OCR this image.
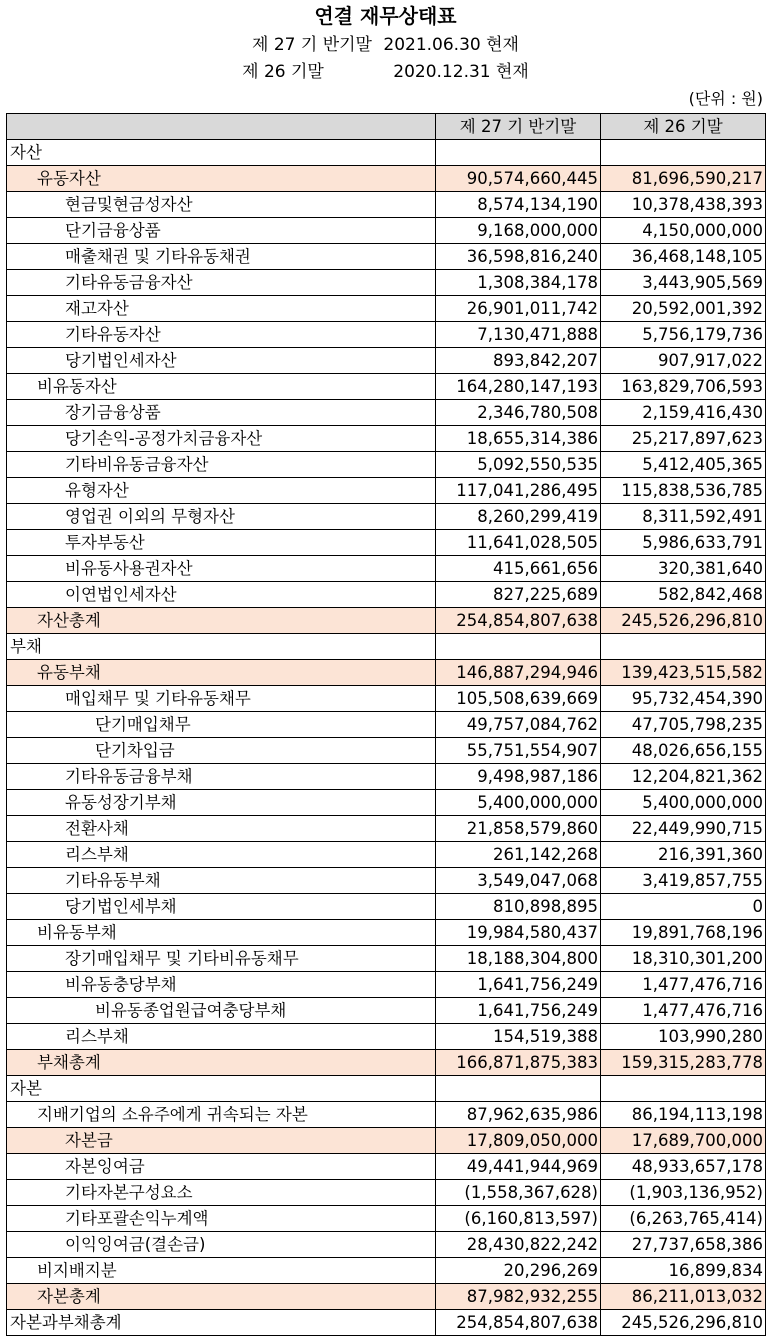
연결 재무상태표
제 27 기 반기말 2021.06.30 현재
제 26 기말	2020.12.31 현재
(단위 : 원)
	제 27 기 반기말	제 26 기말
자산		
유동자산	90,574,660,445	81,696,590,217
현금및현금성자산	8,574,134,190	10,378,438,393
단기금융상품	9,168,000,000	4,150,000,000
매출채권 및 기타유동채권	36,598,816,240	36,468,148,105
기타유동금융자산	1,308,384,178	3,443,905,569
재고자산	26,901,011,742	20,592,001,392
기타유동자산	7,130,471,888	5,756,179,736
당기법인세자산	893,842,207	907,917,022
비유동자산	164,280,147,193	163,829,706,593
장기금융상품	2,346,780,508	2,159,416,430
당기손익-공정가치금융자산	18,655,314,386	25,217,897,623
기타비유동금융자산	5,092,550,535	5,412,405,365
유형자산	117,041,286,495	115,838,536,785
영업권 이외의 무형자산	8,260,299,419	8,311,592,491
투자부동산	11,641,028,505	5,986,633,791
비유동사용권자산	415,661,656	320,381,640
이연법인세자산	827,225,689	582,842,468
자산총계	254,854,807,638	245,526,296,810
부채		
유동부채	146,887,294,946	139,423,515,582
매입채무 및 기타유동채무	105,508,639,669	95,732,454,390
단기매입채무	49,757,084,762	47,705,798,235
단기차입금	55,751,554,907	48,026,656,155
기타유동금융부채	9,498,987,186	12,204,821,362
유동성장기부채	5,400,000,000	5,400,000,000
전환사채	21,858,579,860	22,449,990,715
리스부채	261,142,268	216,391,360
기타유동부채	3,549,047,068	3,419,857,755
당기법인세부채	810,898,895	0
비유동부채	19,984,580,437	19,891,768,196
장기매입채무 및 기타비유동채무	18,188,304,800	18,310,301,200
비유동충당부채	1,641,756,249	1,477,476,716
비유동종업원급여충당부채	1,641,756,249	1,477,476,716
리스부채	154,519,388	103,990,280
부채총계	166,871,875,383	159,315,283,778
자본		
지배기업의 소유주에게 귀속되는 자본	87,962,635,986	86,194,113,198
자본금	17,809,050,000	17,689,700,000
자본잉여금	49,441,944,969	48,933,657,178
기타자본구성요소	(1,558,367,628)	(1,903,136,952)
기타포괄손익누계액	(6,160,813,597)	(6,263,765,414)
이익잉여금(결손금)	28,430,822,242	27,737,658,386
비지배지분	20,296,269	16,899,834
자본총계	87,982,932,255	86,211,013,032
자본과부채총계	254,854,807,638	245,526,296,810
